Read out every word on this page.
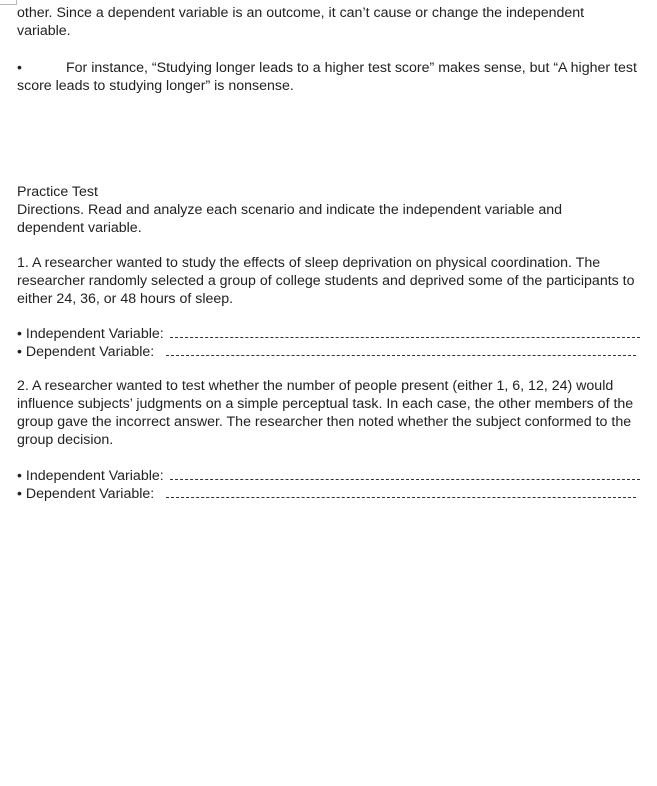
other. Since a dependent variable is an outcome, it can’t cause or change the independent variable.

•	For instance, “Studying longer leads to a higher test score” makes sense, but “A higher test score leads to studying longer” is nonsense.

Practice Test

Directions. Read and analyze each scenario and indicate the independent variable and dependent variable.

1. A researcher wanted to study the effects of sleep deprivation on physical coordination. The researcher randomly selected a group of college students and deprived some of the participants to either 24, 36, or 48 hours of sleep.

• Independent Variable:
• Dependent Variable:

2. A researcher wanted to test whether the number of people present (either 1, 6, 12, 24) would influence subjects’ judgments on a simple perceptual task. In each case, the other members of the group gave the incorrect answer. The researcher then noted whether the subject conformed to the group decision.

• Independent Variable:
• Dependent Variable:
